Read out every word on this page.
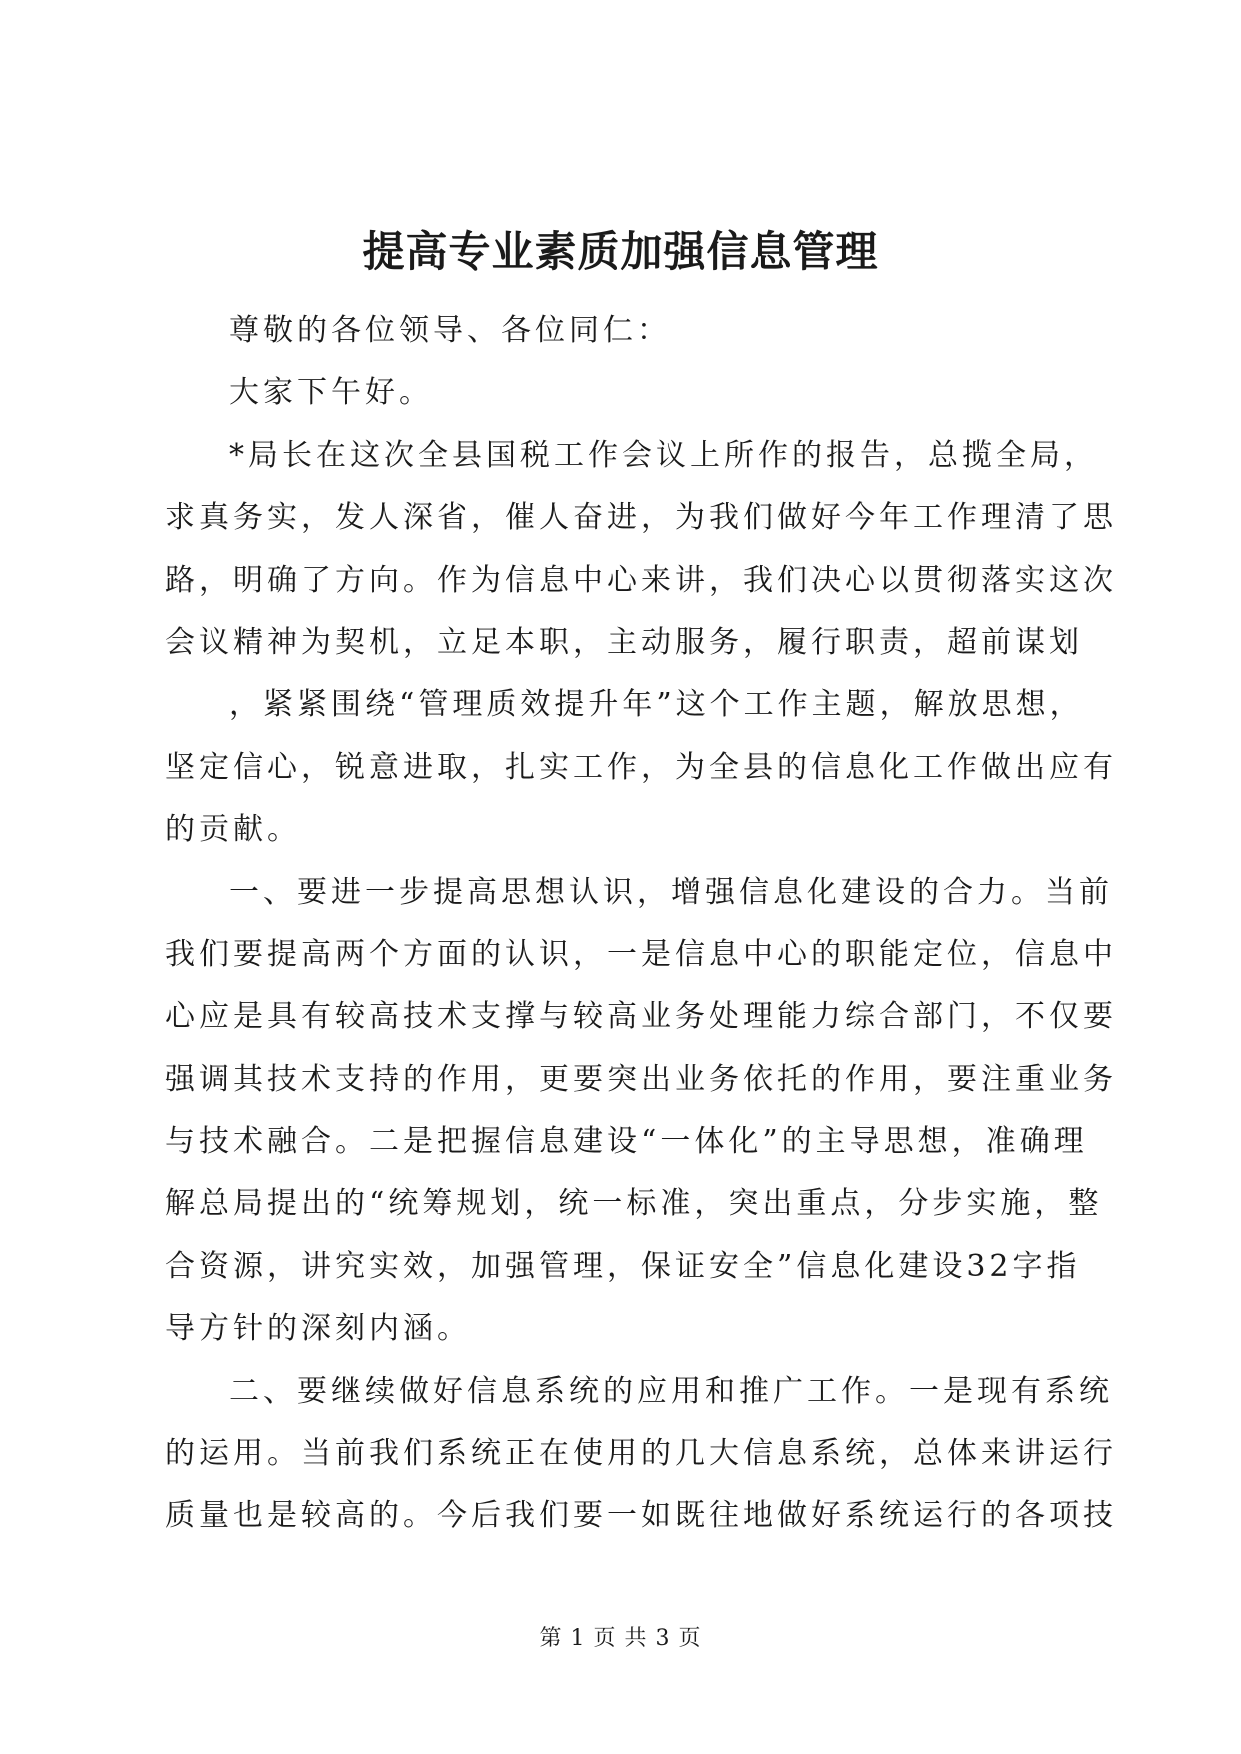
提高专业素质加强信息管理
尊敬的各位领导、各位同仁：
大家下午好。
*局长在这次全县国税工作会议上所作的报告，总揽全局，
求真务实，发人深省，催人奋进，为我们做好今年工作理清了思
路，明确了方向。作为信息中心来讲，我们决心以贯彻落实这次
会议精神为契机，立足本职，主动服务，履行职责，超前谋划
，紧紧围绕“管理质效提升年”这个工作主题，解放思想，
坚定信心，锐意进取，扎实工作，为全县的信息化工作做出应有
的贡献。
一、要进一步提高思想认识，增强信息化建设的合力。当前
我们要提高两个方面的认识，一是信息中心的职能定位，信息中
心应是具有较高技术支撑与较高业务处理能力综合部门，不仅要
强调其技术支持的作用，更要突出业务依托的作用，要注重业务
与技术融合。二是把握信息建设“一体化”的主导思想，准确理
解总局提出的“统筹规划，统一标准，突出重点，分步实施，整
合资源，讲究实效，加强管理，保证安全”信息化建设32字指
导方针的深刻内涵。
二、要继续做好信息系统的应用和推广工作。一是现有系统
的运用。当前我们系统正在使用的几大信息系统，总体来讲运行
质量也是较高的。今后我们要一如既往地做好系统运行的各项技
第 1 页 共 3 页
